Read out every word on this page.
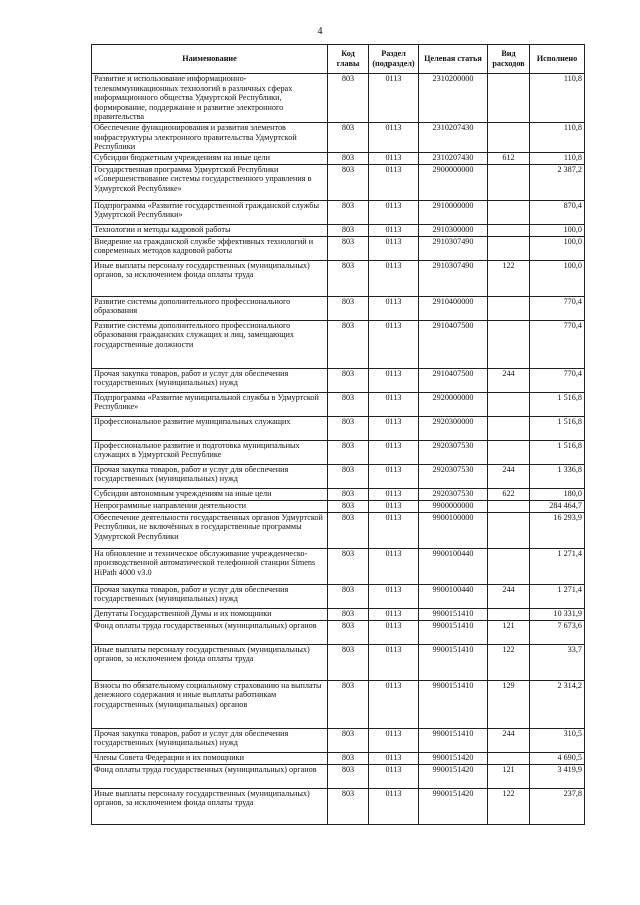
4
Наименование	Код главы	Раздел (подраздел)	Целевая статья	Вид расходов	Исполнено
Развитие и использование информационно-телекоммуникационных технологий в различных сферах информационного общества Удмуртской Республики, формирование, поддержание и развитие электронного правительства	803	0113	2310200000		110,8
Обеспечение функционирования и развития элементов инфраструктуры электронного правительства Удмуртской Республики	803	0113	2310207430		110,8
Субсидии бюджетным учреждениям на иные цели	803	0113	2310207430	612	110,8
Государственная программа Удмуртской Республики «Совершенствование системы государственного управления в Удмуртской Республике»	803	0113	2900000000		2 387,2
Подпрограмма «Развитие государственной гражданской службы Удмуртской Республики»	803	0113	2910000000		870,4
Технологии и методы кадровой работы	803	0113	2910300000		100,0
Внедрение на гражданской службе эффективных технологий и современных методов кадровой работы	803	0113	2910307490		100,0
Иные выплаты персоналу государственных (муниципальных) органов, за исключением фонда оплаты труда	803	0113	2910307490	122	100,0
Развитие системы дополнительного профессионального образования	803	0113	2910400000		770,4
Развитие системы дополнительного профессионального образования гражданских служащих и лиц, замещающих государственные должности	803	0113	2910407500		770,4
Прочая закупка товаров, работ и услуг для обеспечения государственных (муниципальных) нужд	803	0113	2910407500	244	770,4
Подпрограмма «Развитие муниципальной службы в Удмуртской Республике»	803	0113	2920000000		1 516,8
Профессиональное развитие муниципальных служащих	803	0113	2920300000		1 516,8
Профессиональное развитие и подготовка муниципальных служащих в Удмуртской Республике	803	0113	2920307530		1 516,8
Прочая закупка товаров, работ и услуг для обеспечения государственных (муниципальных) нужд	803	0113	2920307530	244	1 336,8
Субсидии автономным учреждениям на иные цели	803	0113	2920307530	622	180,0
Непрограммные направления деятельности	803	0113	9900000000		284 464,7
Обеспечение деятельности государственных органов Удмуртской Республики, не включённых в государственные программы Удмуртской Республики	803	0113	9900100000		16 293,9
На обновление и техническое обслуживание учрежденческо-производственной автоматической телефонной станции Simens HiPath 4000 v3.0	803	0113	9900100440		1 271,4
Прочая закупка товаров, работ и услуг для обеспечения государственных (муниципальных) нужд	803	0113	9900100440	244	1 271,4
Депутаты Государственной Думы и их помощники	803	0113	9900151410		10 331,9
Фонд оплаты труда государственных (муниципальных) органов	803	0113	9900151410	121	7 673,6
Иные выплаты персоналу государственных (муниципальных) органов, за исключением фонда оплаты труда	803	0113	9900151410	122	33,7
Взносы по обязательному социальному страхованию на выплаты денежного содержания и иные выплаты работникам государственных (муниципальных) органов	803	0113	9900151410	129	2 314,2
Прочая закупка товаров, работ и услуг для обеспечения государственных (муниципальных) нужд	803	0113	9900151410	244	310,5
Члены Совета Федерации и их помощники	803	0113	9900151420		4 690,5
Фонд оплаты труда государственных (муниципальных) органов	803	0113	9900151420	121	3 419,9
Иные выплаты персоналу государственных (муниципальных) органов, за исключением фонда оплаты труда	803	0113	9900151420	122	237,8
